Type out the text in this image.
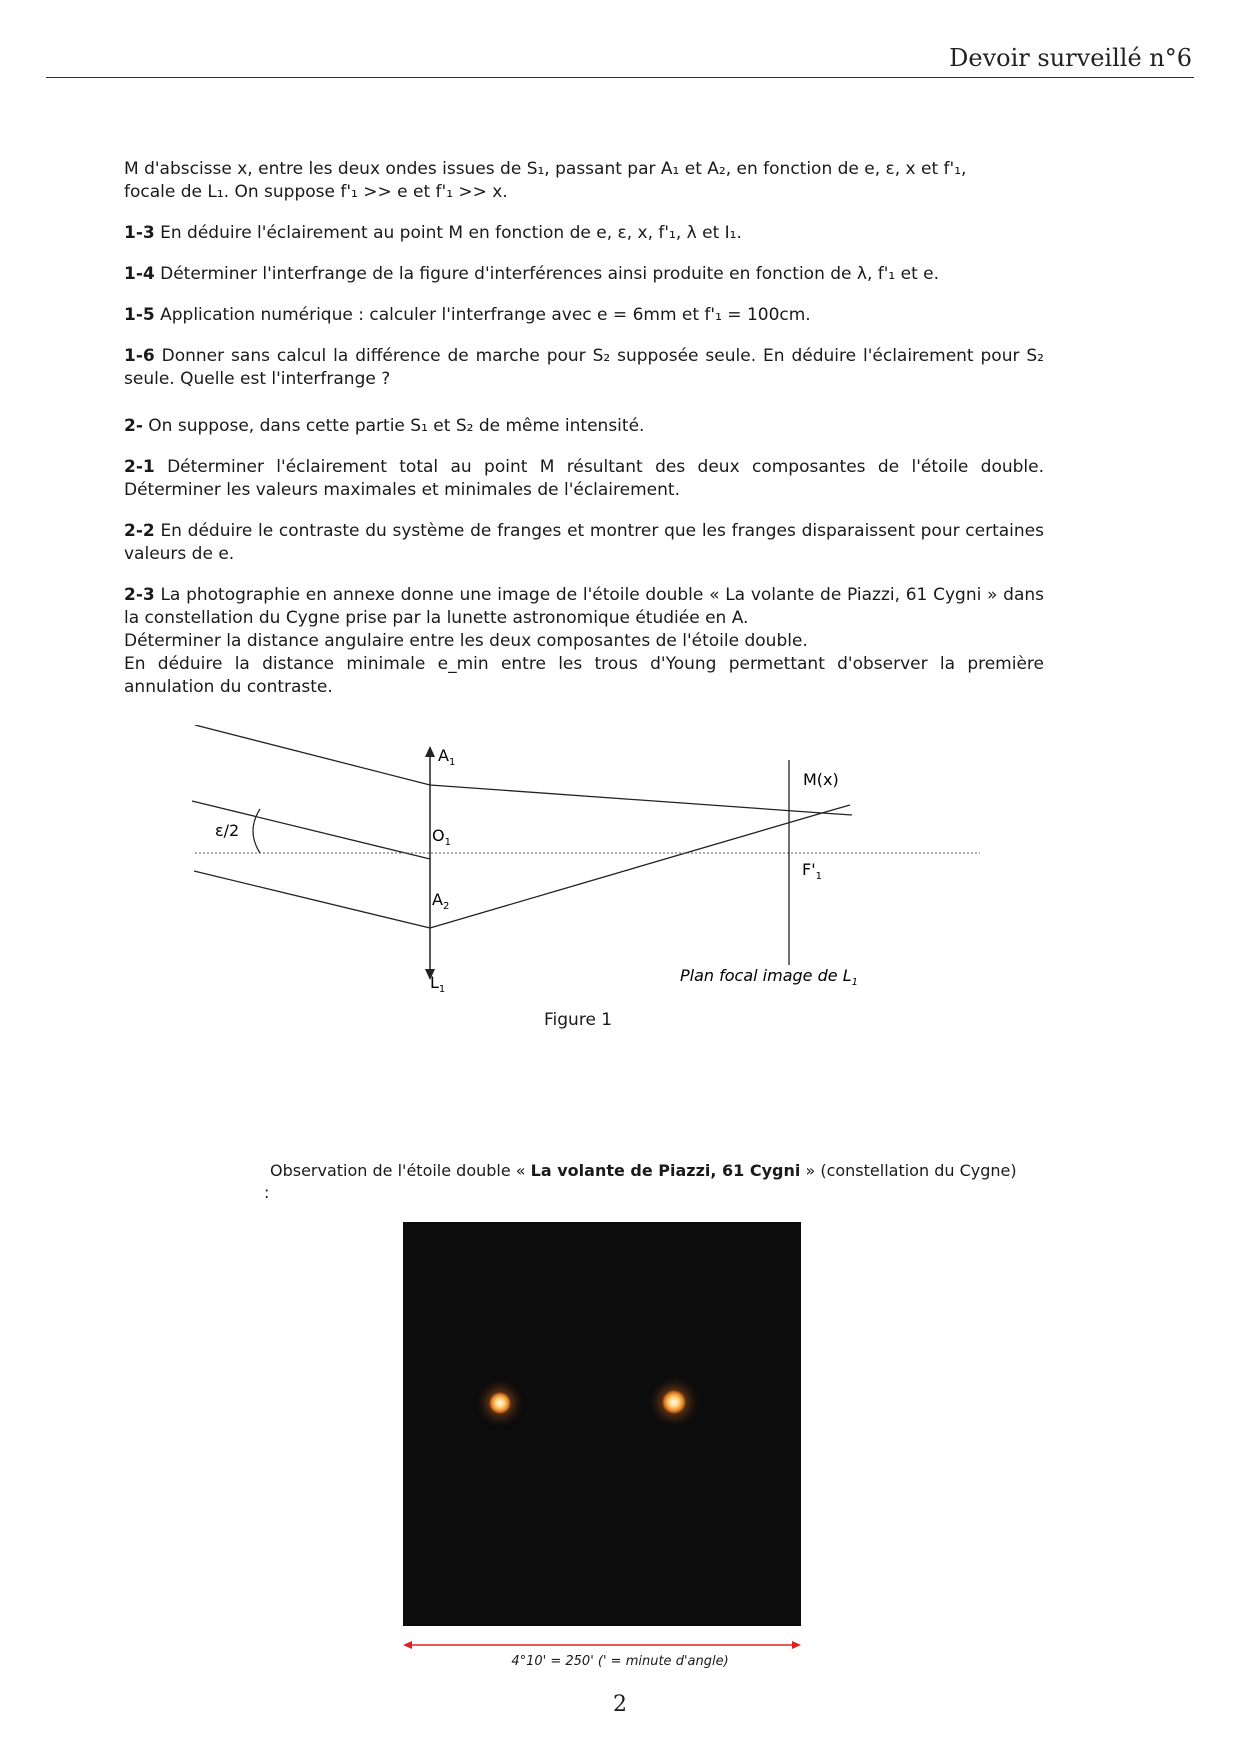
Devoir surveillé n°6

M d'abscisse x, entre les deux ondes issues de S₁, passant par A₁ et A₂, en fonction de e, ε, x et f'₁,
focale de L₁. On suppose f'₁ >> e et f'₁ >> x.

1-3 En déduire l'éclairement au point M en fonction de e, ε, x, f'₁, λ et I₁.

1-4 Déterminer l'interfrange de la figure d'interférences ainsi produite en fonction de λ, f'₁ et e.

1-5 Application numérique : calculer l'interfrange avec e = 6mm et f'₁ = 100cm.

1-6 Donner sans calcul la différence de marche pour S₂ supposée seule. En déduire l'éclairement pour S₂ seule. Quelle est l'interfrange ?

2- On suppose, dans cette partie S₁ et S₂ de même intensité.

2-1 Déterminer l'éclairement total au point M résultant des deux composantes de l'étoile double. Déterminer les valeurs maximales et minimales de l'éclairement.

2-2 En déduire le contraste du système de franges et montrer que les franges disparaissent pour certaines valeurs de e.

2-3 La photographie en annexe donne une image de l'étoile double « La volante de Piazzi, 61 Cygni » dans la constellation du Cygne prise par la lunette astronomique étudiée en A.
Déterminer la distance angulaire entre les deux composantes de l'étoile double.
En déduire la distance minimale e_min entre les trous d'Young permettant d'observer la première annulation du contraste.

$A_1$
$O_1$
$A_2$
$L_1$
M(x)
$F'_1$
ε/2
Plan focal image de $L_1$
Figure 1
Observation de l'étoile double « La volante de Piazzi, 61 Cygni » (constellation du Cygne)
:
4°10' = 250' (' = minute d'angle)
2
